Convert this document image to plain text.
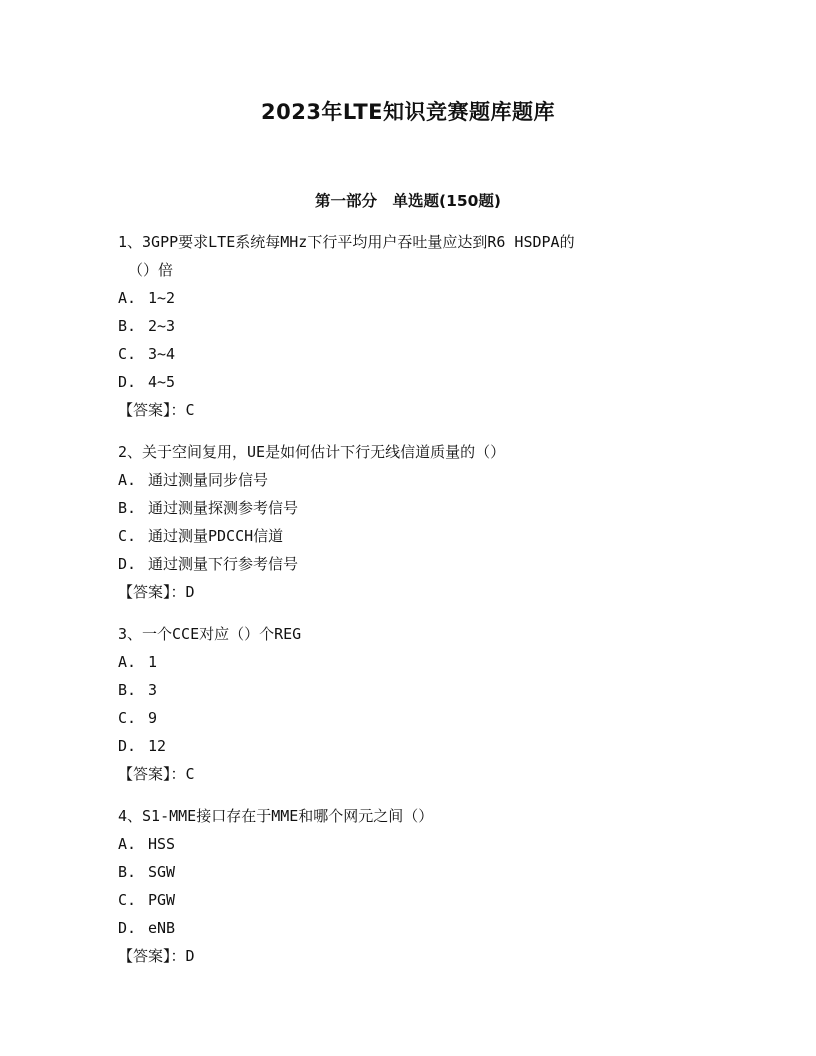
2023年LTE知识竞赛题库题库
第一部分　单选题(150题)
1、3GPP要求LTE系统每MHz下行平均用户吞吐量应达到R6 HSDPA的
（）倍
A. 1~2
B. 2~3
C. 3~4
D. 4~5
【答案】：C
2、关于空间复用，UE是如何估计下行无线信道质量的（）
A. 通过测量同步信号
B. 通过测量探测参考信号
C. 通过测量PDCCH信道
D. 通过测量下行参考信号
【答案】：D
3、一个CCE对应（）个REG
A. 1
B. 3
C. 9
D. 12
【答案】：C
4、S1-MME接口存在于MME和哪个网元之间（）
A. HSS
B. SGW
C. PGW
D. eNB
【答案】：D
